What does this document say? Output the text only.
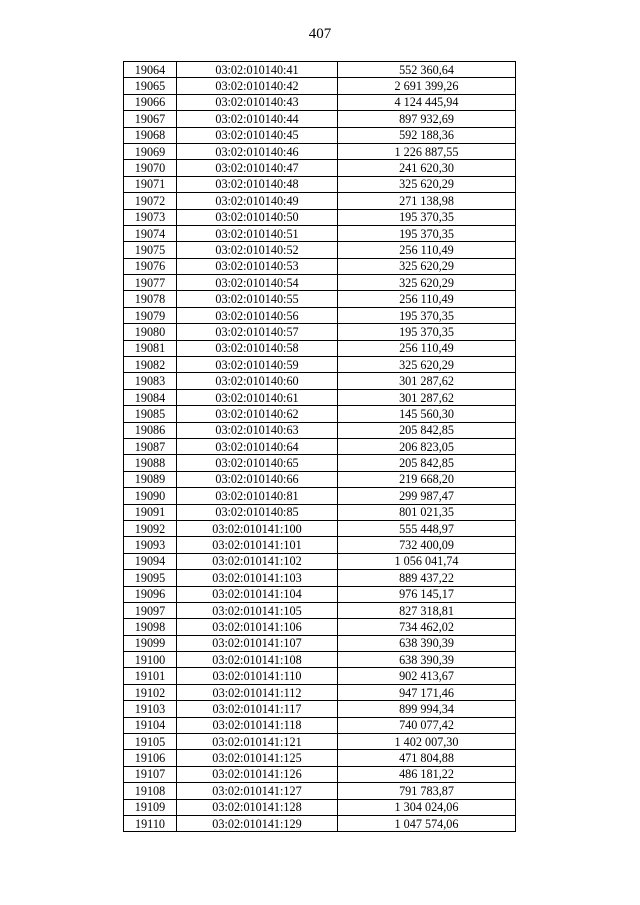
407
19064	03:02:010140:41	552 360,64
19065	03:02:010140:42	2 691 399,26
19066	03:02:010140:43	4 124 445,94
19067	03:02:010140:44	897 932,69
19068	03:02:010140:45	592 188,36
19069	03:02:010140:46	1 226 887,55
19070	03:02:010140:47	241 620,30
19071	03:02:010140:48	325 620,29
19072	03:02:010140:49	271 138,98
19073	03:02:010140:50	195 370,35
19074	03:02:010140:51	195 370,35
19075	03:02:010140:52	256 110,49
19076	03:02:010140:53	325 620,29
19077	03:02:010140:54	325 620,29
19078	03:02:010140:55	256 110,49
19079	03:02:010140:56	195 370,35
19080	03:02:010140:57	195 370,35
19081	03:02:010140:58	256 110,49
19082	03:02:010140:59	325 620,29
19083	03:02:010140:60	301 287,62
19084	03:02:010140:61	301 287,62
19085	03:02:010140:62	145 560,30
19086	03:02:010140:63	205 842,85
19087	03:02:010140:64	206 823,05
19088	03:02:010140:65	205 842,85
19089	03:02:010140:66	219 668,20
19090	03:02:010140:81	299 987,47
19091	03:02:010140:85	801 021,35
19092	03:02:010141:100	555 448,97
19093	03:02:010141:101	732 400,09
19094	03:02:010141:102	1 056 041,74
19095	03:02:010141:103	889 437,22
19096	03:02:010141:104	976 145,17
19097	03:02:010141:105	827 318,81
19098	03:02:010141:106	734 462,02
19099	03:02:010141:107	638 390,39
19100	03:02:010141:108	638 390,39
19101	03:02:010141:110	902 413,67
19102	03:02:010141:112	947 171,46
19103	03:02:010141:117	899 994,34
19104	03:02:010141:118	740 077,42
19105	03:02:010141:121	1 402 007,30
19106	03:02:010141:125	471 804,88
19107	03:02:010141:126	486 181,22
19108	03:02:010141:127	791 783,87
19109	03:02:010141:128	1 304 024,06
19110	03:02:010141:129	1 047 574,06
